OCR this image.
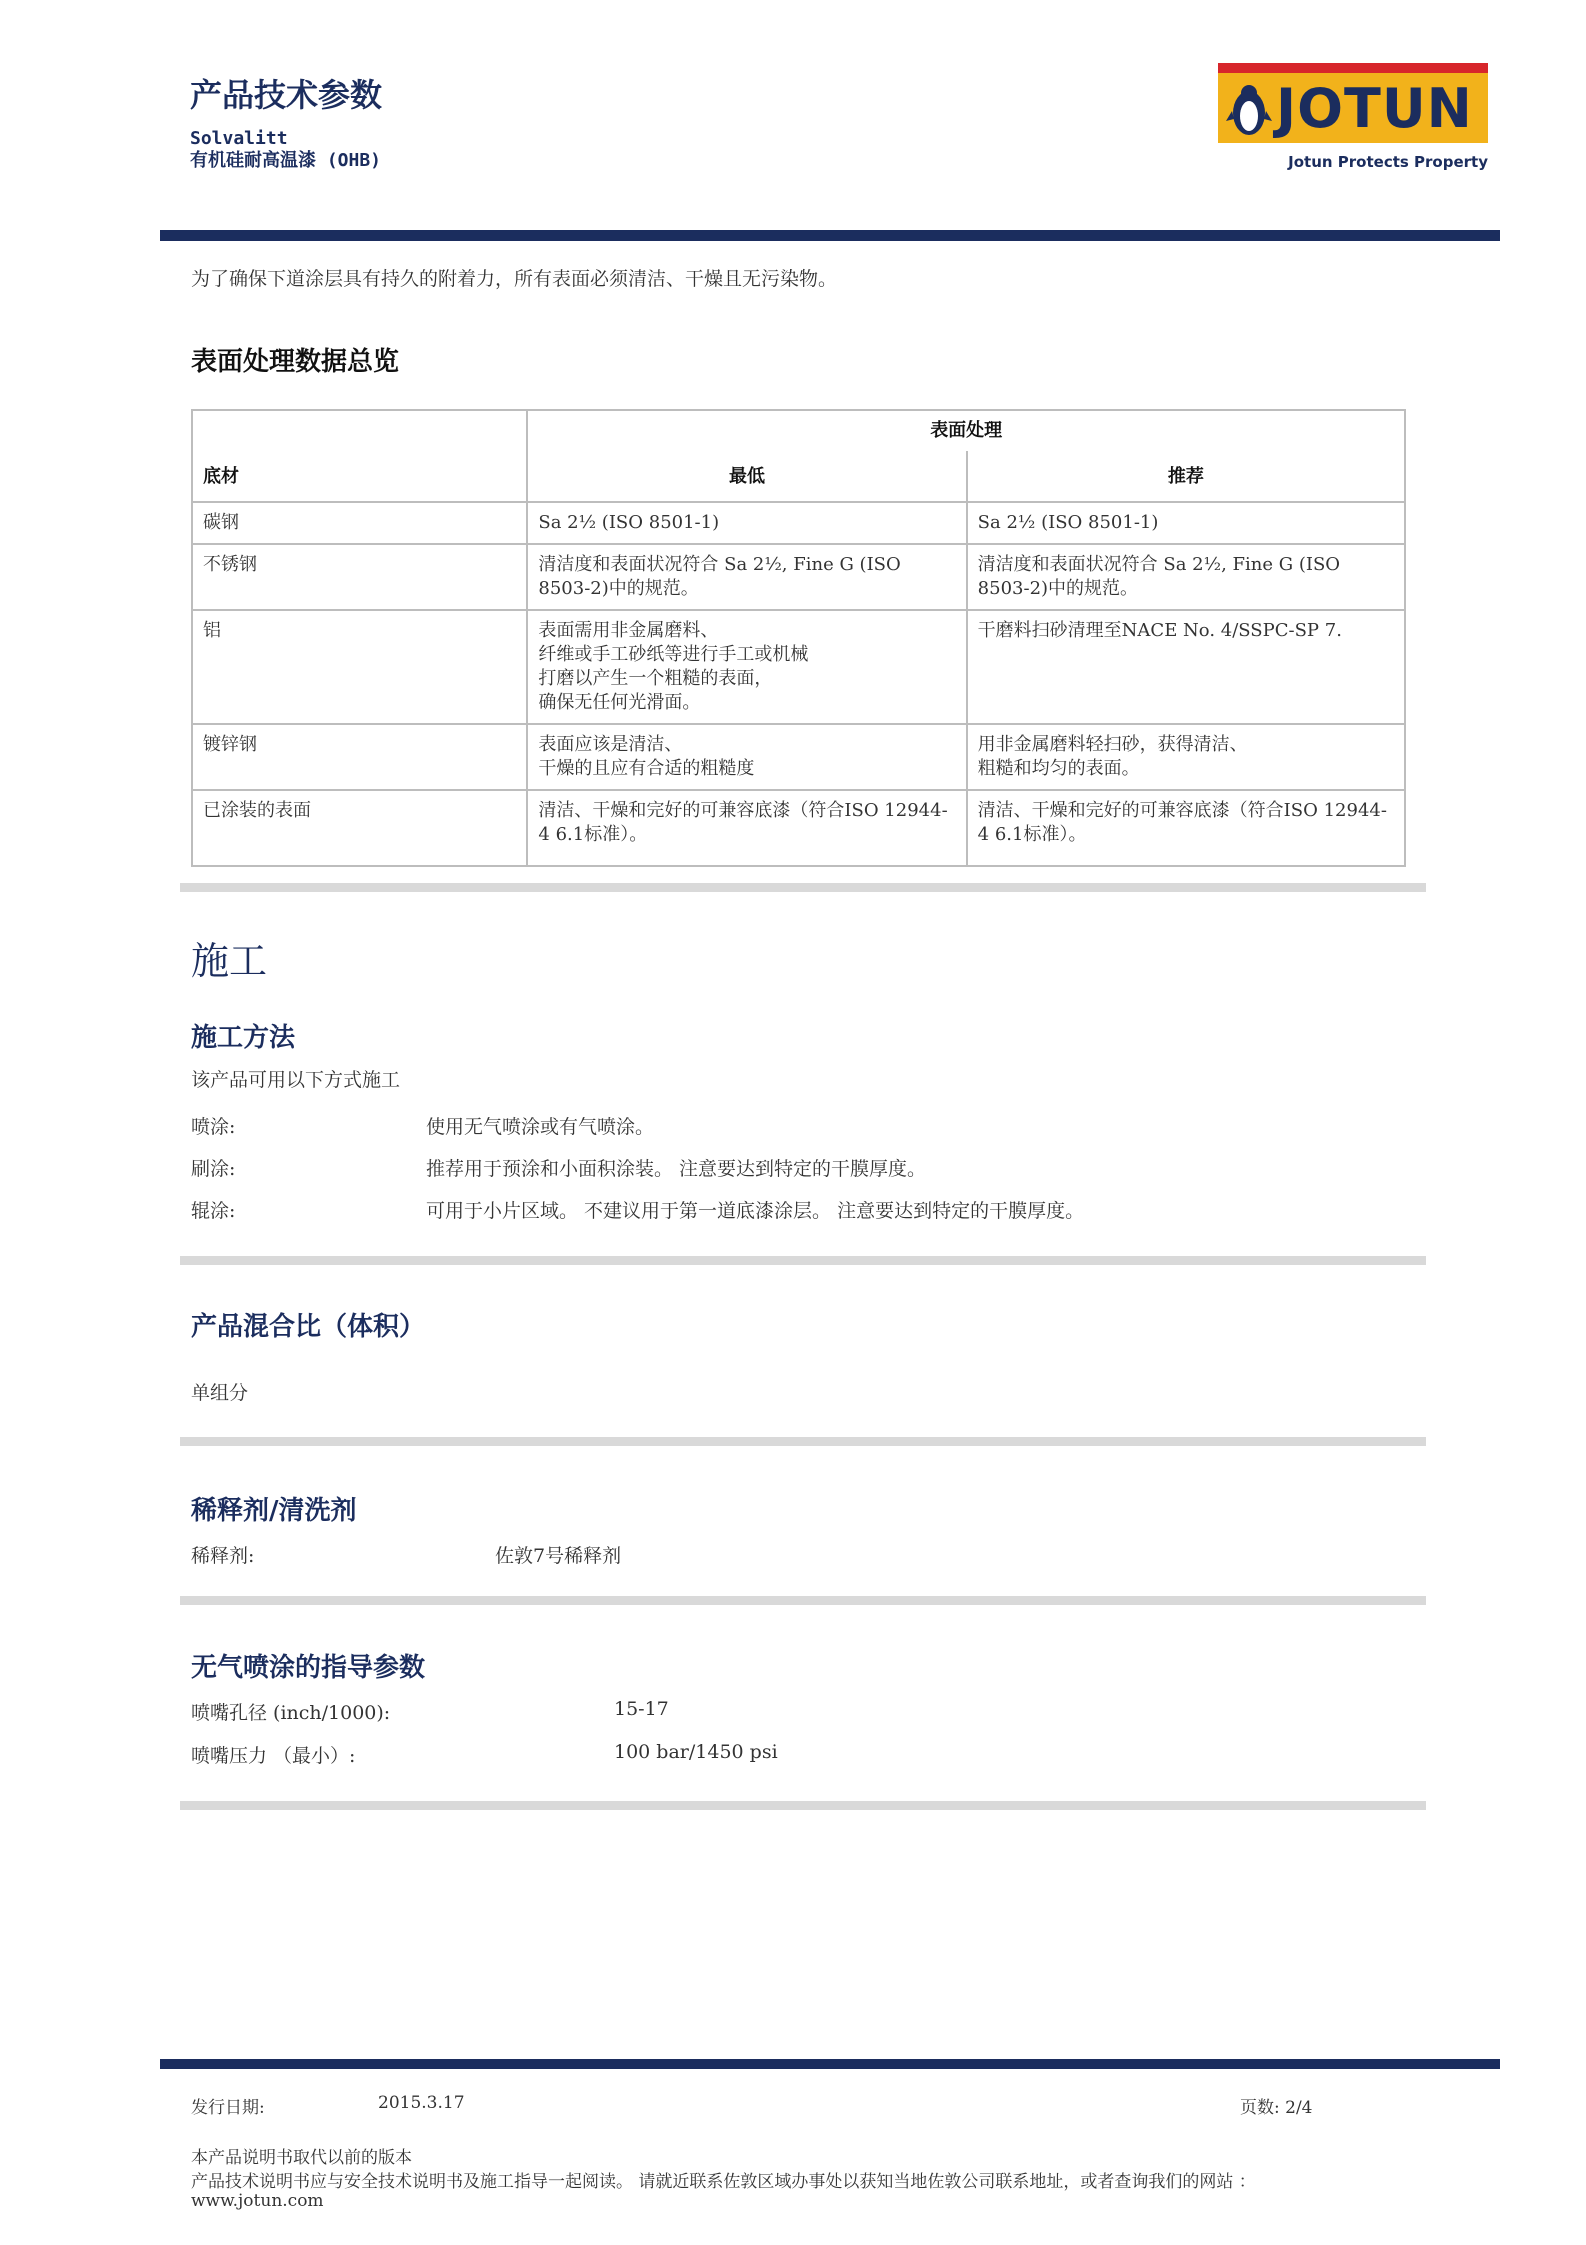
产品技术参数
Solvalitt
有机硅耐高温漆 (OHB)
JOTUN
Jotun Protects Property
为了确保下道涂层具有持久的附着力，所有表面必须清洁、干燥且无污染物。
表面处理数据总览
底材	表面处理	
	最低	推荐
碳钢	Sa 2½ (ISO 8501-1)	Sa 2½ (ISO 8501-1)
不锈钢	清洁度和表面状况符合 Sa 2½, Fine G (ISO 8503-2)中的规范。	清洁度和表面状况符合 Sa 2½, Fine G (ISO 8503-2)中的规范。
铝	表面需用非金属磨料、
纤维或手工砂纸等进行手工或机械
打磨以产生一个粗糙的表面，
确保无任何光滑面。	干磨料扫砂清理至NACE No. 4/SSPC-SP 7.
镀锌钢	表面应该是清洁、
干燥的且应有合适的粗糙度	用非金属磨料轻扫砂，获得清洁、
粗糙和均匀的表面。
已涂装的表面	清洁、干燥和完好的可兼容底漆（符合ISO 12944-4 6.1标准）。	清洁、干燥和完好的可兼容底漆（符合ISO 12944-4 6.1标准）。
施工
施工方法
该产品可用以下方式施工
喷涂:	使用无气喷涂或有气喷涂。
刷涂:	推荐用于预涂和小面积涂装。 注意要达到特定的干膜厚度。
辊涂:	可用于小片区域。 不建议用于第一道底漆涂层。 注意要达到特定的干膜厚度。
产品混合比（体积）
单组分
稀释剂/清洗剂
稀释剂:	佐敦7号稀释剂
无气喷涂的指导参数
喷嘴孔径 (inch/1000):	15-17
喷嘴压力 （最小）:	100 bar/1450 psi
发行日期:	2015.3.17	页数: 2/4
本产品说明书取代以前的版本
产品技术说明书应与安全技术说明书及施工指导一起阅读。 请就近联系佐敦区域办事处以获知当地佐敦公司联系地址，或者查询我们的网站 ：
www.jotun.com
